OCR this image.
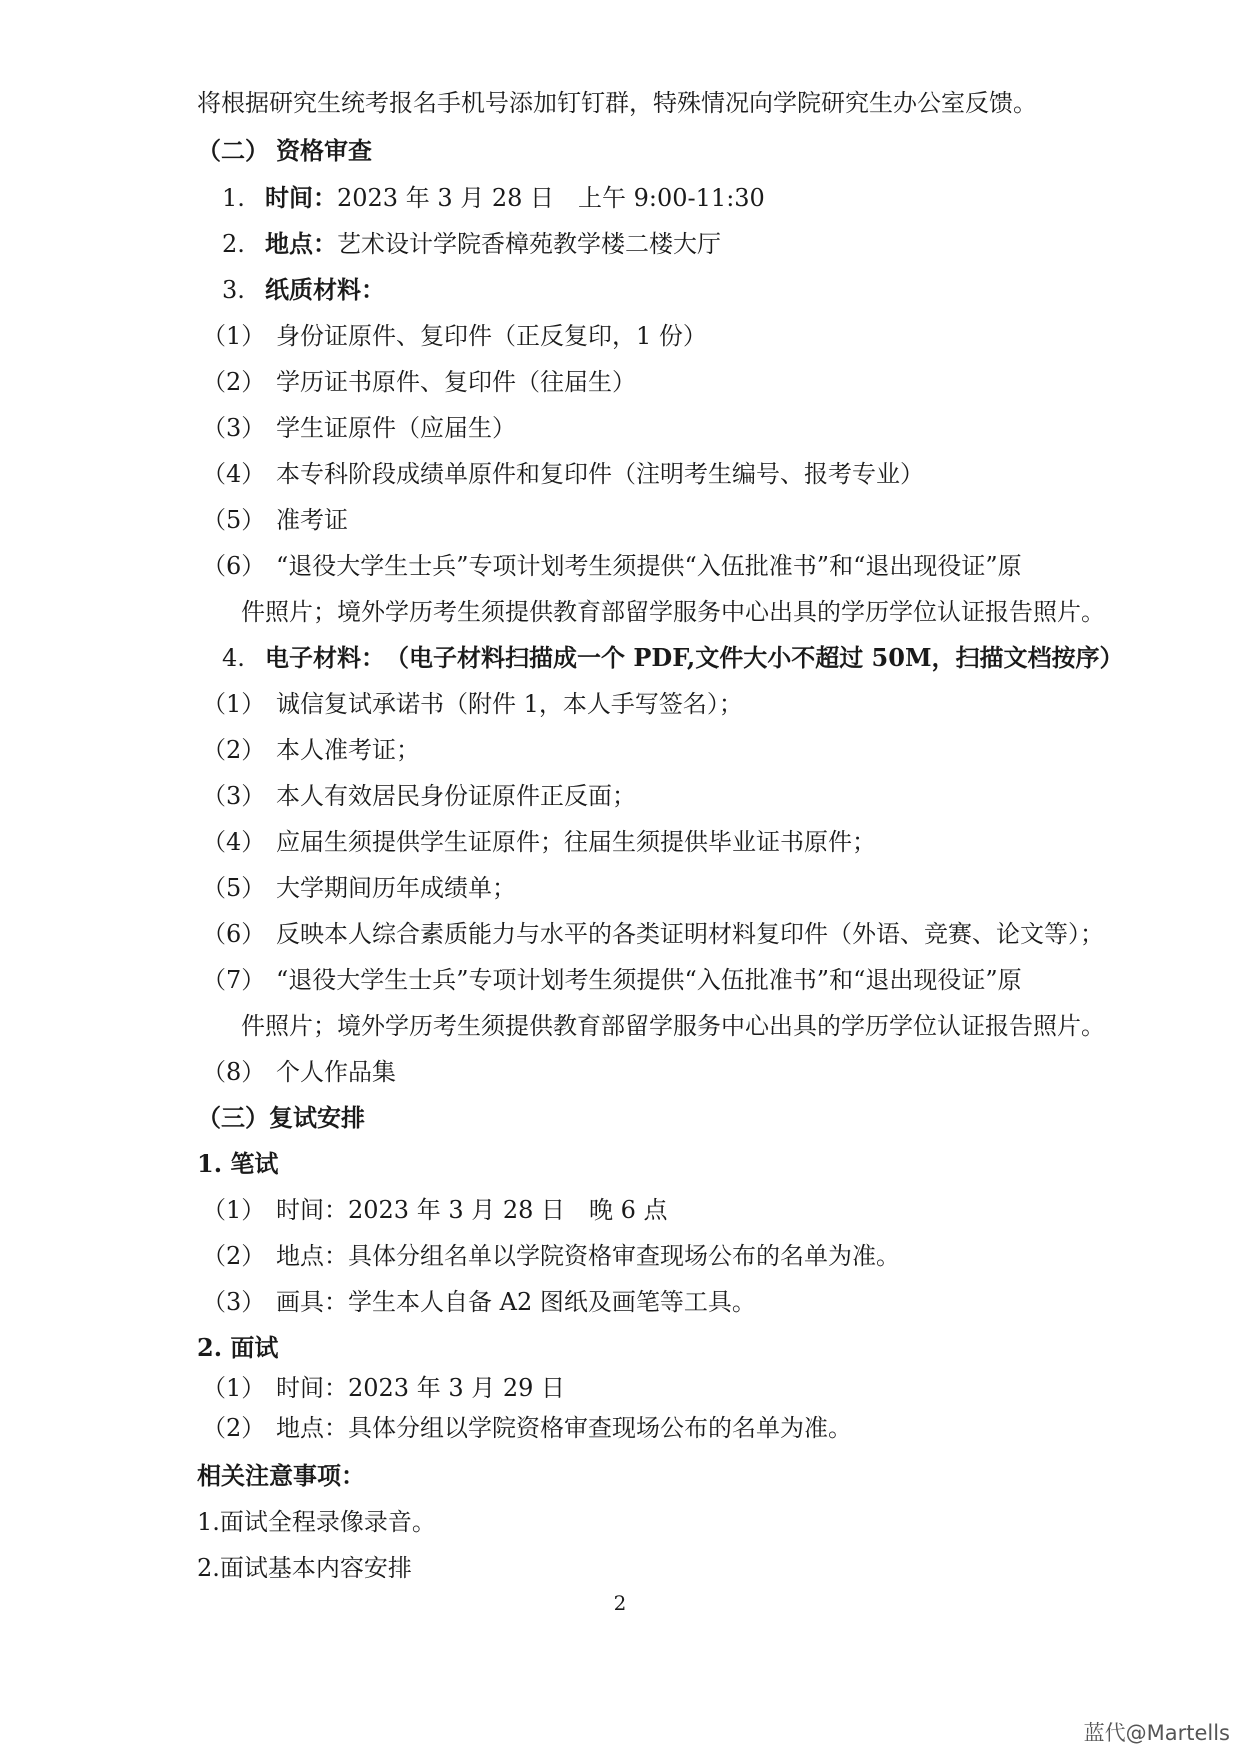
将根据研究生统考报名手机号添加钉钉群，特殊情况向学院研究生办公室反馈。
（二） 资格审查
1. 时间： 2023 年 3 月 28 日　上午 9:00-11:30
2. 地点： 艺术设计学院香樟苑教学楼二楼大厅
3. 纸质材料：
（1） 身份证原件、复印件（正反复印，1 份）
（2） 学历证书原件、复印件（往届生）
（3） 学生证原件（应届生）
（4） 本专科阶段成绩单原件和复印件（注明考生编号、报考专业）
（5） 准考证
（6） “退役大学生士兵”专项计划考生须提供“入伍批准书”和“退出现役证”原
件照片；境外学历考生须提供教育部留学服务中心出具的学历学位认证报告照片。
4. 电子材料： （电子材料扫描成一个 PDF,文件大小不超过 50M，扫描文档按序）
（1） 诚信复试承诺书（附件 1，本人手写签名）；
（2） 本人准考证；
（3） 本人有效居民身份证原件正反面；
（4） 应届生须提供学生证原件；往届生须提供毕业证书原件；
（5） 大学期间历年成绩单；
（6） 反映本人综合素质能力与水平的各类证明材料复印件（外语、竞赛、论文等）；
（7） “退役大学生士兵”专项计划考生须提供“入伍批准书”和“退出现役证”原
件照片；境外学历考生须提供教育部留学服务中心出具的学历学位认证报告照片。
（8） 个人作品集
（三）复试安排
1. 笔试
（1） 时间：2023 年 3 月 28 日　晚 6 点
（2） 地点：具体分组名单以学院资格审查现场公布的名单为准。
（3） 画具：学生本人自备 A2 图纸及画笔等工具。
2. 面试
（1） 时间：2023 年 3 月 29 日
（2） 地点：具体分组以学院资格审查现场公布的名单为准。
相关注意事项：
1.面试全程录像录音。
2.面试基本内容安排
2
蓝代@Martells
